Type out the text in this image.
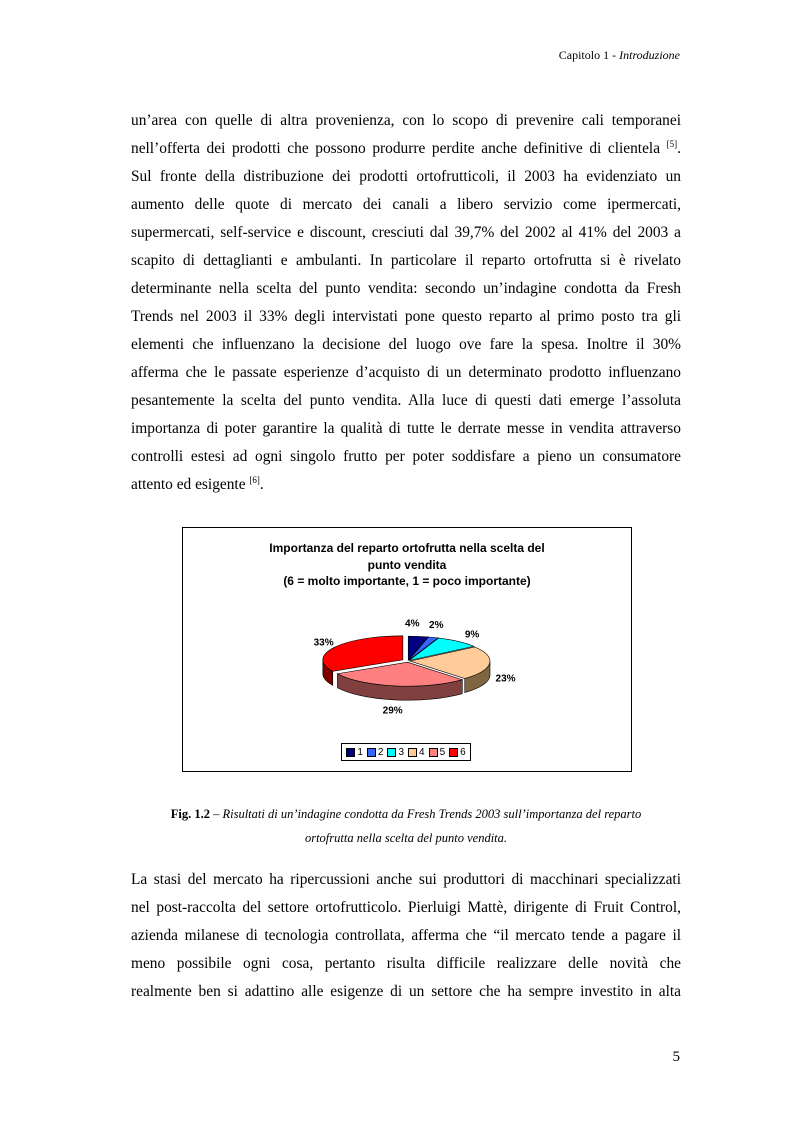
Capitolo 1 - Introduzione
un’area con quelle di altra provenienza, con lo scopo di prevenire cali temporanei
nell’offerta dei prodotti che possono produrre perdite anche definitive di clientela [5].
Sul fronte della distribuzione dei prodotti ortofrutticoli, il 2003 ha evidenziato un
aumento delle quote di mercato dei canali a libero servizio come ipermercati,
supermercati, self-service e discount, cresciuti dal 39,7% del 2002 al 41% del 2003 a
scapito di dettaglianti e ambulanti. In particolare il reparto ortofrutta si è rivelato
determinante nella scelta del punto vendita: secondo un’indagine condotta da Fresh
Trends nel 2003 il 33% degli intervistati pone questo reparto al primo posto tra gli
elementi che influenzano la decisione del luogo ove fare la spesa. Inoltre il 30%
afferma che le passate esperienze d’acquisto di un determinato prodotto influenzano
pesantemente la scelta del punto vendita. Alla luce di questi dati emerge l’assoluta
importanza di poter garantire la qualità di tutte le derrate messe in vendita attraverso
controlli estesi ad ogni singolo frutto per poter soddisfare a pieno un consumatore
attento ed esigente [6].
Importanza del reparto ortofrutta nella scelta del
punto vendita
(6 = molto importante, 1 = poco importante)
4% 2%
9%
23%
29%
33%
1 2 3 4 5 6
Fig. 1.2 – Risultati di un’indagine condotta da Fresh Trends 2003 sull’importanza del reparto
ortofrutta nella scelta del punto vendita.
La stasi del mercato ha ripercussioni anche sui produttori di macchinari specializzati
nel post-raccolta del settore ortofrutticolo. Pierluigi Mattè, dirigente di Fruit Control,
azienda milanese di tecnologia controllata, afferma che “il mercato tende a pagare il
meno possibile ogni cosa, pertanto risulta difficile realizzare delle novità che
realmente ben si adattino alle esigenze di un settore che ha sempre investito in alta
5
